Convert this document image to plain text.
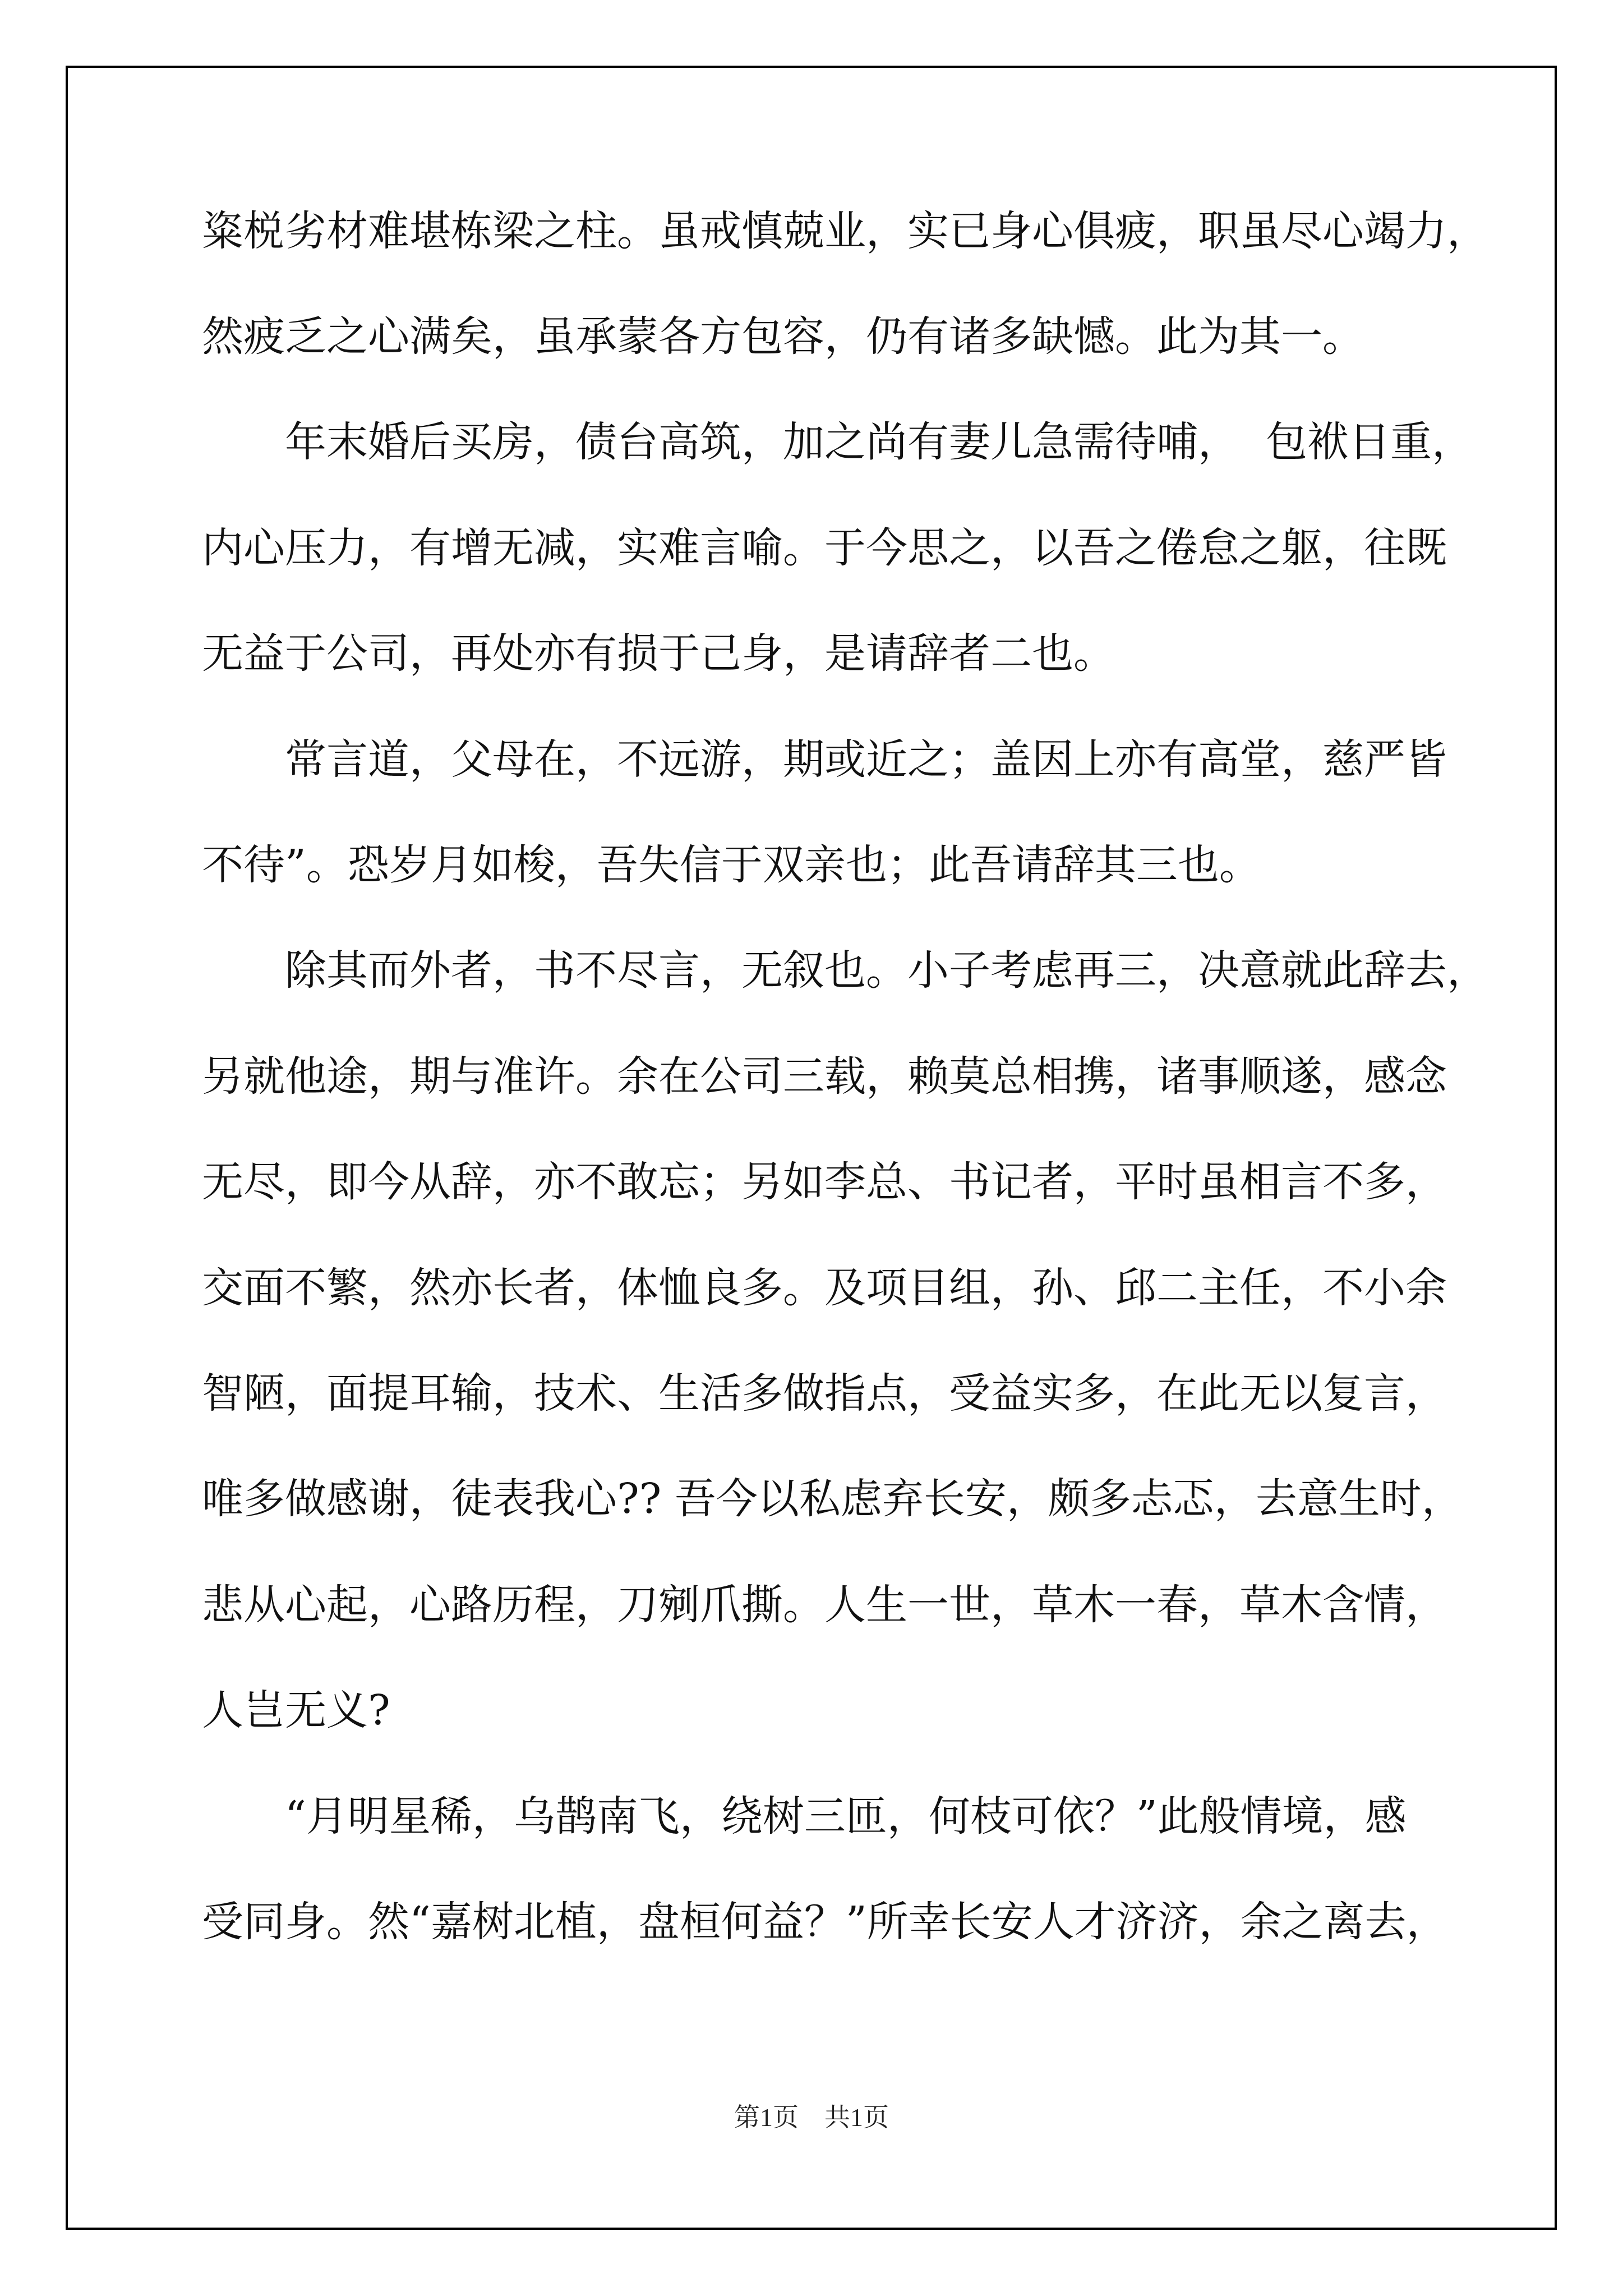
粢棁劣材难堪栋梁之柱。虽戒慎兢业，实已身心俱疲，职虽尽心竭力，
然疲乏之心满矣，虽承蒙各方包容，仍有诸多缺憾。此为其一。
　　年末婚后买房，债台高筑，加之尚有妻儿急需待哺，  包袱日重，
内心压力，有增无减，实难言喻。于今思之，以吾之倦怠之躯，往既
无益于公司，再处亦有损于己身，是请辞者二也。
　　常言道，父母在，不远游，期或近之；盖因上亦有高堂，慈严皆
不待”。恐岁月如梭，吾失信于双亲也；此吾请辞其三也。
　　除其而外者，书不尽言，无叙也。小子考虑再三，决意就此辞去，
另就他途，期与准许。余在公司三载，赖莫总相携，诸事顺遂，感念
无尽，即今从辞，亦不敢忘；另如李总、书记者，平时虽相言不多，
交面不繁，然亦长者，体恤良多。及项目组，孙、邱二主任，不小余
智陋，面提耳输，技术、生活多做指点，受益实多，在此无以复言，
唯多做感谢，徒表我心?? 吾今以私虑弃长安，颇多忐忑，去意生时，
悲从心起，心路历程，刀剜爪撕。人生一世，草木一春，草木含情，
人岂无义?
　　“月明星稀，乌鹊南飞，绕树三匝，何枝可依？”此般情境，感
受同身。然“嘉树北植，盘桓何益？”所幸长安人才济济，余之离去，
第1页　共1页
